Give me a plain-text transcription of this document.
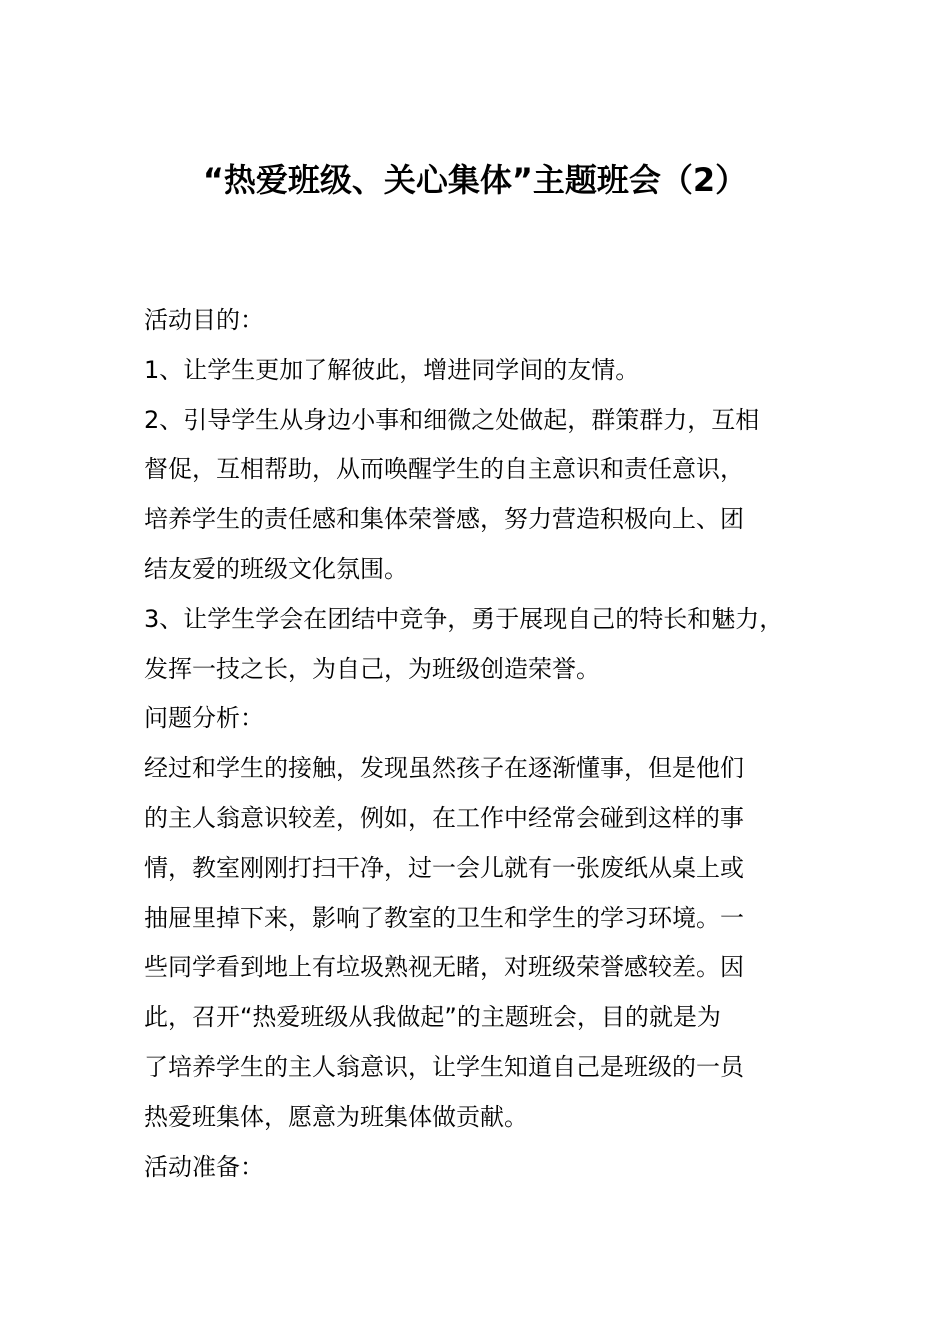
“热爱班级、关心集体”主题班会（2）
活动目的：
1、让学生更加了解彼此，增进同学间的友情。
2、引导学生从身边小事和细微之处做起，群策群力，互相
督促，互相帮助，从而唤醒学生的自主意识和责任意识，
培养学生的责任感和集体荣誉感，努力营造积极向上、团
结友爱的班级文化氛围。
3、让学生学会在团结中竞争，勇于展现自己的特长和魅力，
发挥一技之长，为自己，为班级创造荣誉。
问题分析：
经过和学生的接触，发现虽然孩子在逐渐懂事，但是他们
的主人翁意识较差，例如，在工作中经常会碰到这样的事
情，教室刚刚打扫干净，过一会儿就有一张废纸从桌上或
抽屉里掉下来，影响了教室的卫生和学生的学习环境。一
些同学看到地上有垃圾熟视无睹，对班级荣誉感较差。因
此，召开“热爱班级从我做起”的主题班会，目的就是为
了培养学生的主人翁意识，让学生知道自己是班级的一员
热爱班集体，愿意为班集体做贡献。
活动准备：
